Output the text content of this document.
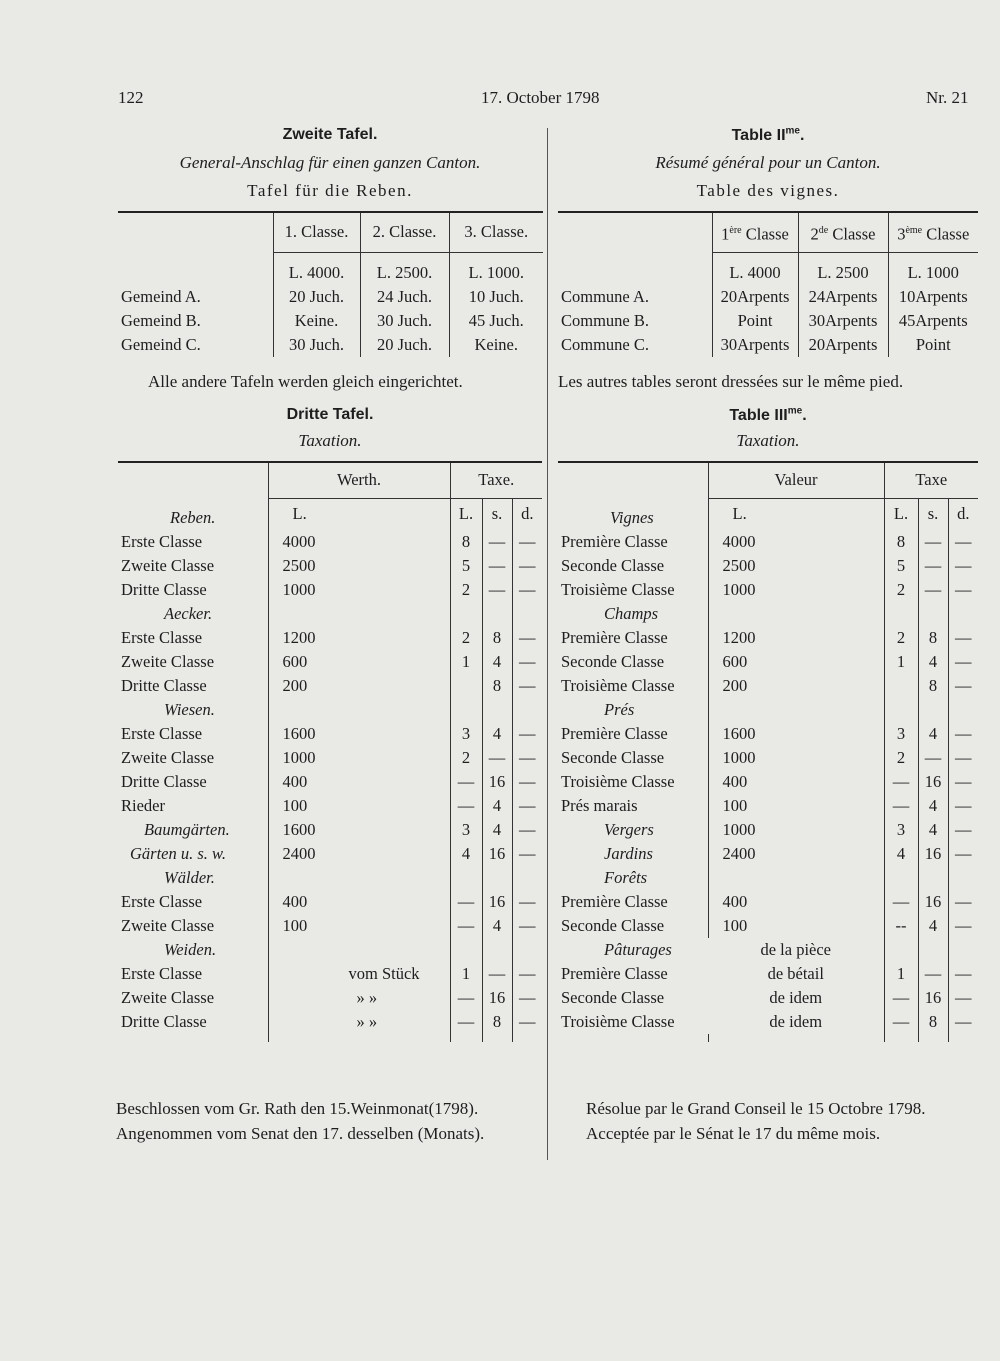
122	17. October 1798	Nr. 21
Zweite Tafel.
General-Anschlag für einen ganzen Canton.
Tafel für die Reben.
	1. Classe.	2. Classe.	3. Classe.

	L. 4000.	L. 2500.	L. 1000.
Gemeind A.	20 Juch.	24 Juch.	10 Juch.
Gemeind B.	Keine.	30 Juch.	45 Juch.
Gemeind C.	30 Juch.	20 Juch.	Keine.
Alle andere Tafeln werden gleich eingerichtet.
Dritte Tafel.
Taxation.
	Werth.	Taxe.		
Reben.	L.	L.	s.	d.
Erste Classe	4000	8	—	—
Zweite Classe	2500	5	—	—
Dritte Classe	1000	2	—	—
Aecker.				
Erste Classe	1200	2	8	—
Zweite Classe	600	1	4	—
Dritte Classe	200		8	—
Wiesen.				
Erste Classe	1600	3	4	—
Zweite Classe	1000	2	—	—
Dritte Classe	400	—	16	—
Rieder	100	—	4	—
Baumgärten.	1600	3	4	—
Gärten u. s. w.	2400	4	16	—
Wälder.				
Erste Classe	400	—	16	—
Zweite Classe	100	—	4	—
Weiden.				
Erste Classe	vom Stück	1	—	—
Zweite Classe	» »	—	16	—
Dritte Classe	» »	—	8	—

Beschlossen vom Gr. Rath den 15.Weinmonat(1798).
Angenommen vom Senat den 17. desselben (Monats).
Table $II^{me}$.
Résumé général pour un Canton.
Table des vignes.
	1ère Classe	2de Classe	3ème Classe

	L. 4000	L. 2500	L. 1000
Commune A.	20Arpents	24Arpents	10Arpents
Commune B.	Point	30Arpents	45Arpents
Commune C.	30Arpents	20Arpents	Point
Les autres tables seront dressées sur le même pied.
Table $III^{me}$.
Taxation.
	Valeur	Taxe		
Vignes	L.	L.	s.	d.
Première Classe	4000	8	—	—
Seconde Classe	2500	5	—	—
Troisième Classe	1000	2	—	—
Champs				
Première Classe	1200	2	8	—
Seconde Classe	600	1	4	—
Troisième Classe	200		8	—
Prés				
Première Classe	1600	3	4	—
Seconde Classe	1000	2	—	—
Troisième Classe	400	—	16	—
Prés marais	100	—	4	—
Vergers	1000	3	4	—
Jardins	2400	4	16	—
Forêts				
Première Classe	400	—	16	—
Seconde Classe	100	--	4	—
Pâturages	de la pièce			
Première Classe	de bétail	1	—	—
Seconde Classe	de idem	—	16	—
Troisième Classe	de idem	—	8	—

Résolue par le Grand Conseil le 15 Octobre 1798.
Acceptée par le Sénat le 17 du même mois.
